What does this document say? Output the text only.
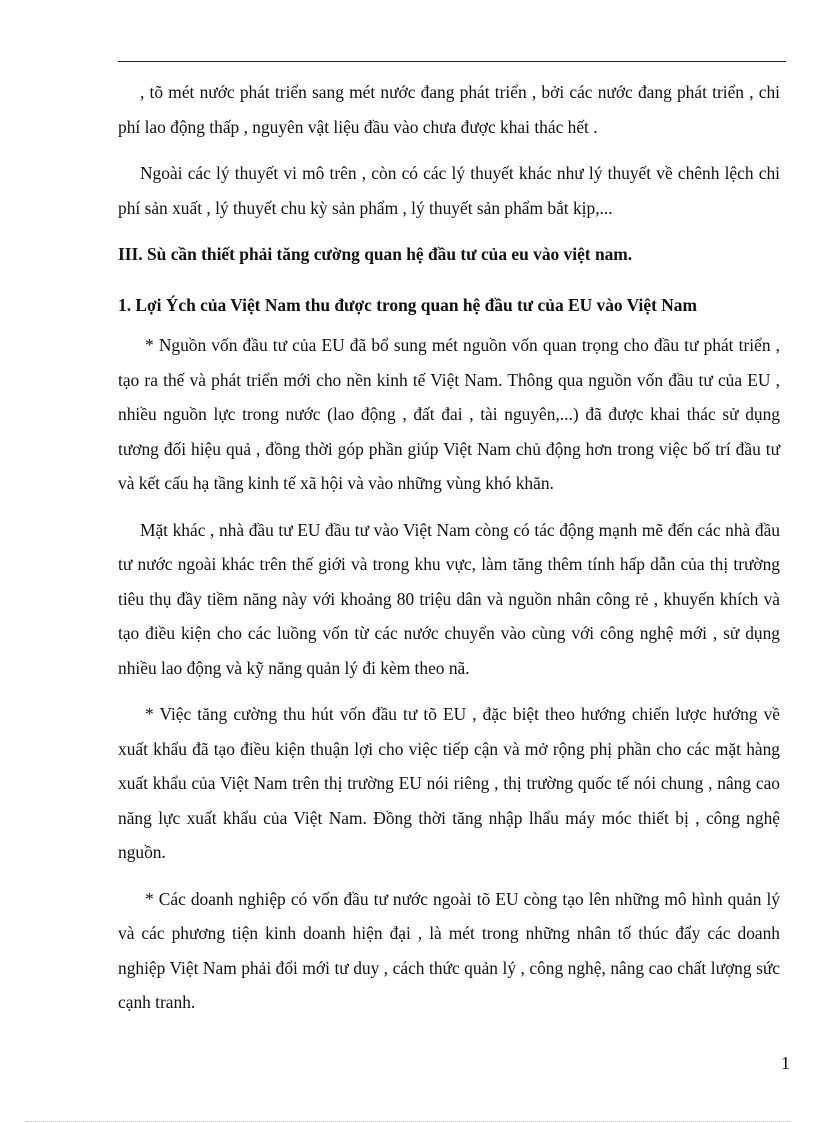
, tõ mét nước phát triển sang mét nước đang phát triển , bởi các nước đang phát triển , chi phí lao động thấp , nguyên vật liệu đầu vào chưa được khai thác hết .

Ngoài các lý thuyết vi mô trên , còn có các lý thuyết khác như lý thuyết về chênh lệch chi phí sản xuất , lý thuyết chu kỳ sản phẩm , lý thuyết sản phẩm bắt kịp,...

III. Sù cần thiết phải tăng cường quan hệ đầu tư của eu vào việt nam.
1. Lợi Ých của Việt Nam thu được trong quan hệ đầu tư của EU vào Việt Nam

* Nguồn vốn đầu tư của EU đã bổ sung mét nguồn vốn quan trọng cho đầu tư phát triển , tạo ra thế và phát triển mới cho nền kinh tế Việt Nam. Thông qua nguồn vốn đầu tư của EU , nhiều nguồn lực trong nước (lao động , đất đai , tài nguyên,...) đã được khai thác sử dụng tương đối hiệu quả , đồng thời góp phần giúp Việt Nam chủ động hơn trong việc bố trí đầu tư và kết cấu hạ tầng kinh tế xã hội và vào những vùng khó khăn.

Mặt khác , nhà đầu tư EU đầu tư vào Việt Nam còng có tác động mạnh mẽ đến các nhà đầu tư nước ngoài khác trên thế giới và trong khu vực, làm tăng thêm tính hấp dẫn của thị trường tiêu thụ đầy tiềm năng này với khoảng 80 triệu dân và nguồn nhân công rẻ , khuyến khích và tạo điều kiện cho các luồng vốn từ các nước chuyển vào cùng với công nghệ mới , sử dụng nhiều lao động và kỹ năng quản lý đi kèm theo nã.

* Việc tăng cường thu hút vốn đầu tư tõ EU , đặc biệt theo hướng chiến lược hướng về xuất khẩu đã tạo điều kiện thuận lợi cho việc tiếp cận và mở rộng phị phần cho các mặt hàng xuất khẩu của Việt Nam trên thị trường EU nói riêng , thị trường quốc tế nói chung , nâng cao năng lực xuất khẩu của Việt Nam. Đồng thời tăng nhập lhẩu máy móc thiết bị , công nghệ nguồn.

* Các doanh nghiệp có vốn đầu tư nước ngoài tõ EU còng tạo lên những mô hình quản lý và các phương tiện kinh doanh hiện đại , là mét trong những nhân tố thúc đẩy các doanh nghiệp Việt Nam phải đổi mới tư duy , cách thức quản lý , công nghệ, nâng cao chất lượng sức cạnh tranh.

1
